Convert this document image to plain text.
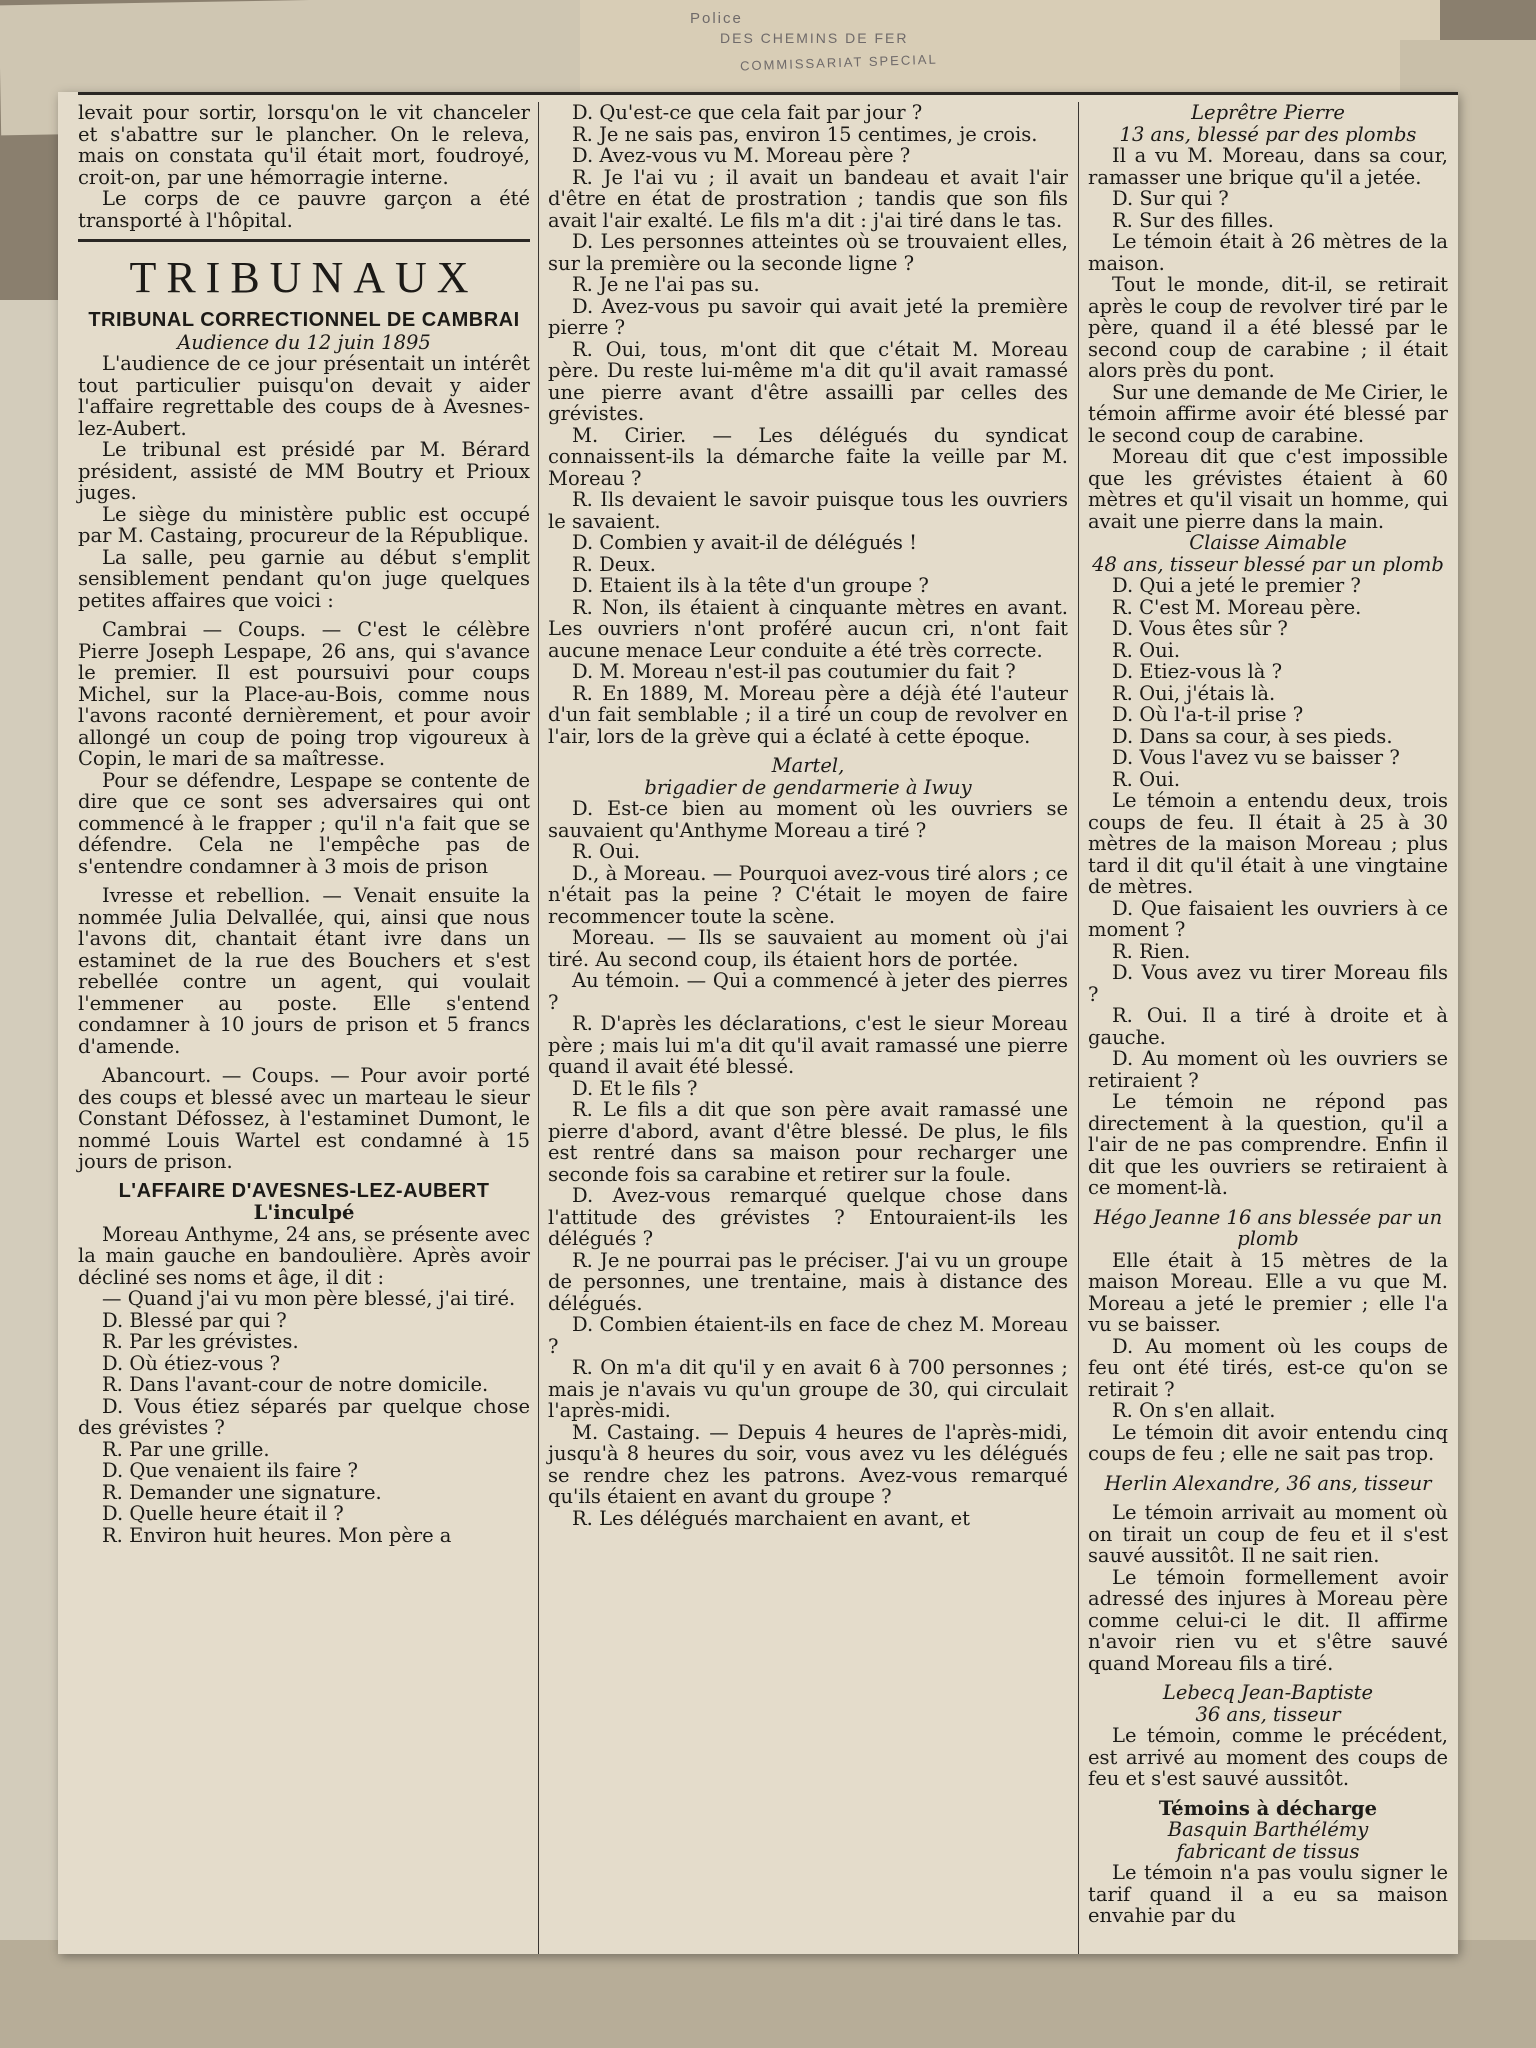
Police
DES CHEMINS DE FER
COMMISSARIAT SPECIAL

levait pour sortir, lorsqu'on le vit chanceler et s'abattre sur le plancher. On le releva, mais on constata qu'il était mort, foudroyé, croit-on, par une hémorragie interne.

Le corps de ce pauvre garçon a été transporté à l'hôpital.

TRIBUNAUX
TRIBUNAL CORRECTIONNEL DE CAMBRAI

Audience du 12 juin 1895

L'audience de ce jour présentait un intérêt tout particulier puisqu'on devait y aider l'affaire regrettable des coups de à Avesnes-lez-Aubert.

Le tribunal est présidé par M. Bérard président, assisté de MM Boutry et Prioux juges.

Le siège du ministère public est occupé par M. Castaing, procureur de la République.

La salle, peu garnie au début s'emplit sensiblement pendant qu'on juge quelques petites affaires que voici :

Cambrai — Coups. — C'est le célèbre Pierre Joseph Lespape, 26 ans, qui s'avance le premier. Il est poursuivi pour coups Michel, sur la Place-au-Bois, comme nous l'avons raconté dernièrement, et pour avoir allongé un coup de poing trop vigoureux à Copin, le mari de sa maîtresse.

Pour se défendre, Lespape se contente de dire que ce sont ses adversaires qui ont commencé à le frapper ; qu'il n'a fait que se défendre. Cela ne l'empêche pas de s'entendre condamner à 3 mois de prison

Ivresse et rebellion. — Venait ensuite la nommée Julia Delvallée, qui, ainsi que nous l'avons dit, chantait étant ivre dans un estaminet de la rue des Bouchers et s'est rebellée contre un agent, qui voulait l'emmener au poste. Elle s'entend condamner à 10 jours de prison et 5 francs d'amende.

Abancourt. — Coups. — Pour avoir porté des coups et blessé avec un marteau le sieur Constant Défossez, à l'estaminet Dumont, le nommé Louis Wartel est condamné à 15 jours de prison.

L'AFFAIRE D'AVESNES-LEZ-AUBERT

L'inculpé

Moreau Anthyme, 24 ans, se présente avec la main gauche en bandoulière. Après avoir décliné ses noms et âge, il dit :

— Quand j'ai vu mon père blessé, j'ai tiré.

D. Blessé par qui ?

R. Par les grévistes.

D. Où étiez-vous ?

R. Dans l'avant-cour de notre domicile.

D. Vous étiez séparés par quelque chose des grévistes ?

R. Par une grille.

D. Que venaient ils faire ?

R. Demander une signature.

D. Quelle heure était il ?

R. Environ huit heures. Mon père a

D. Qu'est-ce que cela fait par jour ?

R. Je ne sais pas, environ 15 centimes, je crois.

D. Avez-vous vu M. Moreau père ?

R. Je l'ai vu ; il avait un bandeau et avait l'air d'être en état de prostration ; tandis que son fils avait l'air exalté. Le fils m'a dit : j'ai tiré dans le tas.

D. Les personnes atteintes où se trouvaient elles, sur la première ou la seconde ligne ?

R. Je ne l'ai pas su.

D. Avez-vous pu savoir qui avait jeté la première pierre ?

R. Oui, tous, m'ont dit que c'était M. Moreau père. Du reste lui-même m'a dit qu'il avait ramassé une pierre avant d'être assailli par celles des grévistes.

M. Cirier. — Les délégués du syndicat connaissent-ils la démarche faite la veille par M. Moreau ?

R. Ils devaient le savoir puisque tous les ouvriers le savaient.

D. Combien y avait-il de délégués !

R. Deux.

D. Etaient ils à la tête d'un groupe ?

R. Non, ils étaient à cinquante mètres en avant. Les ouvriers n'ont proféré aucun cri, n'ont fait aucune menace Leur conduite a été très correcte.

D. M. Moreau n'est-il pas coutumier du fait ?

R. En 1889, M. Moreau père a déjà été l'auteur d'un fait semblable ; il a tiré un coup de revolver en l'air, lors de la grève qui a éclaté à cette époque.

Martel,

brigadier de gendarmerie à Iwuy

D. Est-ce bien au moment où les ouvriers se sauvaient qu'Anthyme Moreau a tiré ?

R. Oui.

D., à Moreau. — Pourquoi avez-vous tiré alors ; ce n'était pas la peine ? C'était le moyen de faire recommencer toute la scène.

Moreau. — Ils se sauvaient au moment où j'ai tiré. Au second coup, ils étaient hors de portée.

Au témoin. — Qui a commencé à jeter des pierres ?

R. D'après les déclarations, c'est le sieur Moreau père ; mais lui m'a dit qu'il avait ramassé une pierre quand il avait été blessé.

D. Et le fils ?

R. Le fils a dit que son père avait ramassé une pierre d'abord, avant d'être blessé. De plus, le fils est rentré dans sa maison pour recharger une seconde fois sa carabine et retirer sur la foule.

D. Avez-vous remarqué quelque chose dans l'attitude des grévistes ? Entouraient-ils les délégués ?

R. Je ne pourrai pas le préciser. J'ai vu un groupe de personnes, une trentaine, mais à distance des délégués.

D. Combien étaient-ils en face de chez M. Moreau ?

R. On m'a dit qu'il y en avait 6 à 700 personnes ; mais je n'avais vu qu'un groupe de 30, qui circulait l'après-midi.

M. Castaing. — Depuis 4 heures de l'après-midi, jusqu'à 8 heures du soir, vous avez vu les délégués se rendre chez les patrons. Avez-vous remarqué qu'ils étaient en avant du groupe ?

R. Les délégués marchaient en avant, et

Leprêtre Pierre

13 ans, blessé par des plombs

Il a vu M. Moreau, dans sa cour, ramasser une brique qu'il a jetée.

D. Sur qui ?

R. Sur des filles.

Le témoin était à 26 mètres de la maison.

Tout le monde, dit-il, se retirait après le coup de revolver tiré par le père, quand il a été blessé par le second coup de carabine ; il était alors près du pont.

Sur une demande de Me Cirier, le témoin affirme avoir été blessé par le second coup de carabine.

Moreau dit que c'est impossible que les grévistes étaient à 60 mètres et qu'il visait un homme, qui avait une pierre dans la main.

Claisse Aimable

48 ans, tisseur blessé par un plomb

D. Qui a jeté le premier ?

R. C'est M. Moreau père.

D. Vous êtes sûr ?

R. Oui.

D. Etiez-vous là ?

R. Oui, j'étais là.

D. Où l'a-t-il prise ?

D. Dans sa cour, à ses pieds.

D. Vous l'avez vu se baisser ?

R. Oui.

Le témoin a entendu deux, trois coups de feu. Il était à 25 à 30 mètres de la maison Moreau ; plus tard il dit qu'il était à une vingtaine de mètres.

D. Que faisaient les ouvriers à ce moment ?

R. Rien.

D. Vous avez vu tirer Moreau fils ?

R. Oui. Il a tiré à droite et à gauche.

D. Au moment où les ouvriers se retiraient ?

Le témoin ne répond pas directement à la question, qu'il a l'air de ne pas comprendre. Enfin il dit que les ouvriers se retiraient à ce moment-là.

Hégo Jeanne 16 ans blessée par un plomb

Elle était à 15 mètres de la maison Moreau. Elle a vu que M. Moreau a jeté le premier ; elle l'a vu se baisser.

D. Au moment où les coups de feu ont été tirés, est-ce qu'on se retirait ?

R. On s'en allait.

Le témoin dit avoir entendu cinq coups de feu ; elle ne sait pas trop.

Herlin Alexandre, 36 ans, tisseur

Le témoin arrivait au moment où on tirait un coup de feu et il s'est sauvé aussitôt. Il ne sait rien.

Le témoin formellement avoir adressé des injures à Moreau père comme celui-ci le dit. Il affirme n'avoir rien vu et s'être sauvé quand Moreau fils a tiré.

Lebecq Jean-Baptiste

36 ans, tisseur

Le témoin, comme le précédent, est arrivé au moment des coups de feu et s'est sauvé aussitôt.

Témoins à décharge

Basquin Barthélémy

fabricant de tissus

Le témoin n'a pas voulu signer le tarif quand il a eu sa maison envahie par du
